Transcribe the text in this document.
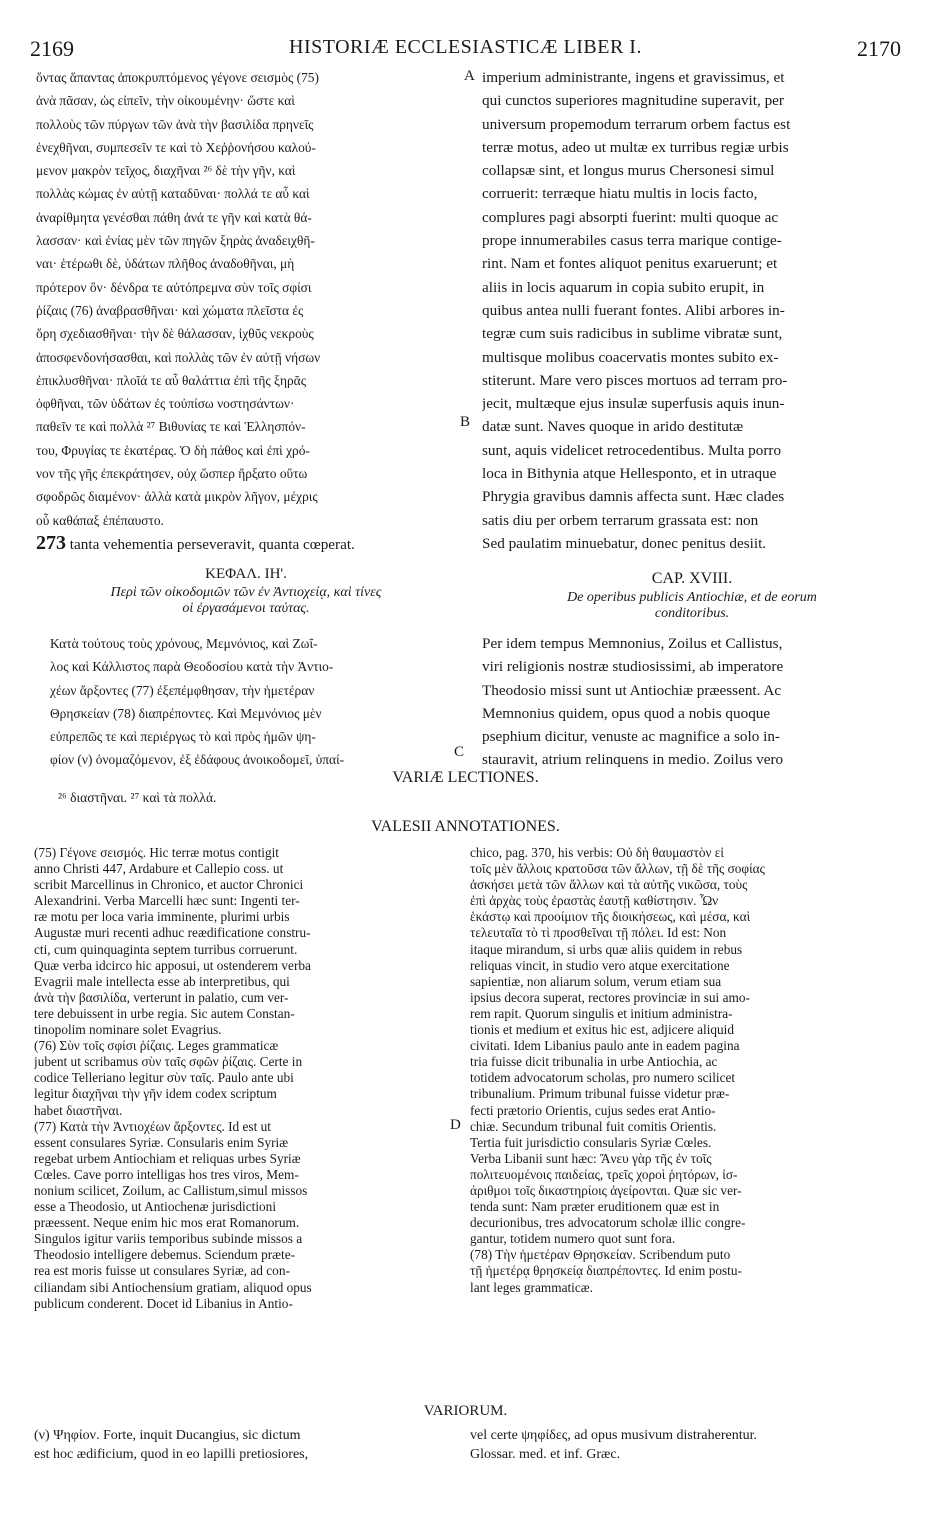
2169	HISTORIÆ ECCLESIASTICÆ LIBER I.	2170
ὄντας ἅπαντας ἀποκρυπτόμενος γέγονε σεισμὸς (75)
ἀνὰ πᾶσαν, ὡς εἰπεῖν, τὴν οἰκουμένην· ὥστε καὶ
πολλοὺς τῶν πύργων τῶν ἀνὰ τὴν βασιλίδα πρηνεῖς
ἐνεχθῆναι, συμπεσεῖν τε καὶ τὸ Χεῤῥονήσου καλού-
μενον μακρὸν τεῖχος, διαχῆναι ²⁶ δὲ τὴν γῆν, καὶ
πολλὰς κώμας ἐν αὐτῇ καταδῦναι· πολλά τε αὖ καὶ
ἀναρίθμητα γενέσθαι πάθη ἀνά τε γῆν καὶ κατὰ θά-
λασσαν· καὶ ἐνίας μὲν τῶν πηγῶν ξηρὰς ἀναδειχθῆ-
ναι· ἑτέρωθι δὲ, ὑδάτων πλῆθος ἀναδοθῆναι, μὴ
πρότερον ὂν· δένδρα τε αὐτόπρεμνα σὺν τοῖς σφίσι
ῥίζαις (76) ἀναβρασθῆναι· καὶ χώματα πλεῖστα ἐς
ὄρη σχεδιασθῆναι· τὴν δὲ θάλασσαν, ἰχθῦς νεκροὺς
ἀποσφενδονήσασθαι, καὶ πολλὰς τῶν ἐν αὐτῇ νήσων
ἐπικλυσθῆναι· πλοῖά τε αὖ θαλάττια ἐπὶ τῆς ξηρᾶς
ὀφθῆναι, τῶν ὑδάτων ἐς τοὐπίσω νοστησάντων·
παθεῖν τε καὶ πολλὰ ²⁷ Βιθυνίας τε καὶ Ἑλλησπόν-
του, Φρυγίας τε ἑκατέρας. Ὁ δὴ πάθος καὶ ἐπὶ χρό-
νον τῆς γῆς ἐπεκράτησεν, οὐχ ὥσπερ ἤρξατο οὕτω
σφοδρῶς διαμένον· ἀλλὰ κατὰ μικρὸν λῆγον, μέχρις
οὗ καθάπαξ ἐπέπαυστο.
273 tanta vehementia perseveravit, quanta cœperat.
imperium administrante, ingens et gravissimus, et
qui cunctos superiores magnitudine superavit, per
universum propemodum terrarum orbem factus est
terræ motus, adeo ut multæ ex turribus regiæ urbis
collapsæ sint, et longus murus Chersonesi simul
corruerit: terræque hiatu multis in locis facto,
complures pagi absorpti fuerint: multi quoque ac
prope innumerabiles casus terra marique contige-
rint. Nam et fontes aliquot penitus exaruerunt; et
aliis in locis aquarum in copia subito erupit, in
quibus antea nulli fuerant fontes. Alibi arbores in-
tegræ cum suis radicibus in sublime vibratæ sunt,
multisque molibus coacervatis montes subito ex-
stiterunt. Mare vero pisces mortuos ad terram pro-
jecit, multæque ejus insulæ superfusis aquis inun-
datæ sunt. Naves quoque in arido destitutæ
sunt, aquis videlicet retrocedentibus. Multa porro
loca in Bithynia atque Hellesponto, et in utraque
Phrygia gravibus damnis affecta sunt. Hæc clades
satis diu per orbem terrarum grassata est: non
Sed paulatim minuebatur, donec penitus desiit.
A
B
C
D
ΚΕΦΑΛ. ΙΗ'.
Περὶ τῶν οἰκοδομιῶν τῶν ἐν Ἀντιοχείᾳ, καὶ τίνες
οἱ ἐργασάμενοι ταύτας.
CAP. XVIII.
De operibus publicis Antiochiæ, et de eorum
conditoribus.
Κατὰ τούτους τοὺς χρόνους, Μεμνόνιος, καὶ Ζωΐ-
λος καὶ Κάλλιστος παρὰ Θεοδοσίου κατὰ τὴν Ἀντιο-
χέων ἄρξοντες (77) ἐξεπέμφθησαν, τὴν ἡμετέραν
Θρησκείαν (78) διαπρέποντες. Καὶ Μεμνόνιος μὲν
εὐπρεπῶς τε καὶ περιέργως τὸ καὶ πρὸς ἡμῶν ψη-
φίον (ν) ὀνομαζόμενον, ἐξ ἐδάφους ἀνοικοδομεῖ, ὑπαί-
Per idem tempus Memnonius, Zoilus et Callistus,
viri religionis nostræ studiosissimi, ab imperatore
Theodosio missi sunt ut Antiochiæ præessent. Ac
Memnonius quidem, opus quod a nobis quoque
psephium dicitur, venuste ac magnifice a solo in-
stauravit, atrium relinquens in medio. Zoilus vero
VARIÆ LECTIONES.
²⁶ διαστῆναι. ²⁷ καὶ τὰ πολλά.
VALESII ANNOTATIONES.
(75) Γέγονε σεισμός. Hic terræ motus contigit
anno Christi 447, Ardabure et Callepio coss. ut
scribit Marcellinus in Chronico, et auctor Chronici
Alexandrini. Verba Marcelli hæc sunt: Ingenti ter-
ræ motu per loca varia imminente, plurimi urbis
Augustæ muri recenti adhuc reædificatione constru-
cti, cum quinquaginta septem turribus corruerunt.
Quæ verba idcirco hic apposui, ut ostenderem verba
Evagrii male intellecta esse ab interpretibus, qui
ἀνὰ τὴν βασιλίδα, verterunt in palatio, cum ver-
tere debuissent in urbe regia. Sic autem Constan-
tinopolim nominare solet Evagrius.
(76) Σὺν τοῖς σφίσι ῥίζαις. Leges grammaticæ
jubent ut scribamus σὺν ταῖς σφῶν ῥίζαις. Certe in
codice Telleriano legitur σὺν ταῖς. Paulo ante ubi
legitur διαχῆναι τὴν γῆν idem codex scriptum
habet διαστῆναι.
(77) Κατὰ τὴν Ἀντιοχέων ἄρξοντες. Id est ut
essent consulares Syriæ. Consularis enim Syriæ
regebat urbem Antiochiam et reliquas urbes Syriæ
Cœles. Cave porro intelligas hos tres viros, Mem-
nonium scilicet, Zoilum, ac Callistum,simul missos
esse a Theodosio, ut Antiochenæ jurisdictioni
præessent. Neque enim hic mos erat Romanorum.
Singulos igitur variis temporibus subinde missos a
Theodosio intelligere debemus. Sciendum præte-
rea est moris fuisse ut consulares Syriæ, ad con-
ciliandam sibi Antiochensium gratiam, aliquod opus
publicum conderent. Docet id Libanius in Antio-
chico, pag. 370, his verbis: Οὐ δὴ θαυμαστὸν εἰ
τοῖς μὲν ἄλλοις κρατοῦσα τῶν ἄλλων, τῇ δὲ τῆς σοφίας
ἀσκήσει μετὰ τῶν ἄλλων καὶ τὰ αὐτῆς νικῶσα, τοὺς
ἐπὶ ἀρχὰς τοὺς ἐραστὰς ἑαυτῇ καθίστησιν. Ὧν
ἑκάστῳ καὶ προοίμιον τῆς διοικήσεως, καὶ μέσα, καὶ
τελευταῖα τὸ τὶ προσθεῖναι τῇ πόλει. Id est: Non
itaque mirandum, si urbs quæ aliis quidem in rebus
reliquas vincit, in studio vero atque exercitatione
sapientiæ, non aliarum solum, verum etiam sua
ipsius decora superat, rectores provinciæ in sui amo-
rem rapit. Quorum singulis et initium administra-
tionis et medium et exitus hic est, adjicere aliquid
civitati. Idem Libanius paulo ante in eadem pagina
tria fuisse dicit tribunalia in urbe Antiochia, ac
totidem advocatorum scholas, pro numero scilicet
tribunalium. Primum tribunal fuisse videtur præ-
fecti prætorio Orientis, cujus sedes erat Antio-
chiæ. Secundum tribunal fuit comitis Orientis.
Tertia fuit jurisdictio consularis Syriæ Cœles.
Verba Libanii sunt hæc: Ἄνευ γὰρ τῆς ἐν τοῖς
πολιτευομένοις παιδείας, τρεῖς χοροὶ ῥητόρων, ἰσ-
άριθμοι τοῖς δικαστηρίοις ἀγείρονται. Quæ sic ver-
tenda sunt: Nam præter eruditionem quæ est in
decurionibus, tres advocatorum scholæ illic congre-
gantur, totidem numero quot sunt fora.
(78) Τὴν ἡμετέραν Θρησκείαν. Scribendum puto
τῇ ἡμετέρᾳ θρησκείᾳ διαπρέποντες. Id enim postu-
lant leges grammaticæ.
VARIORUM.
(ν) Ψηφίον. Forte, inquit Ducangius, sic dictum
est hoc ædificium, quod in eo lapilli pretiosiores,
vel certe ψηφίδες, ad opus musivum distraherentur.
Glossar. med. et inf. Græc.
